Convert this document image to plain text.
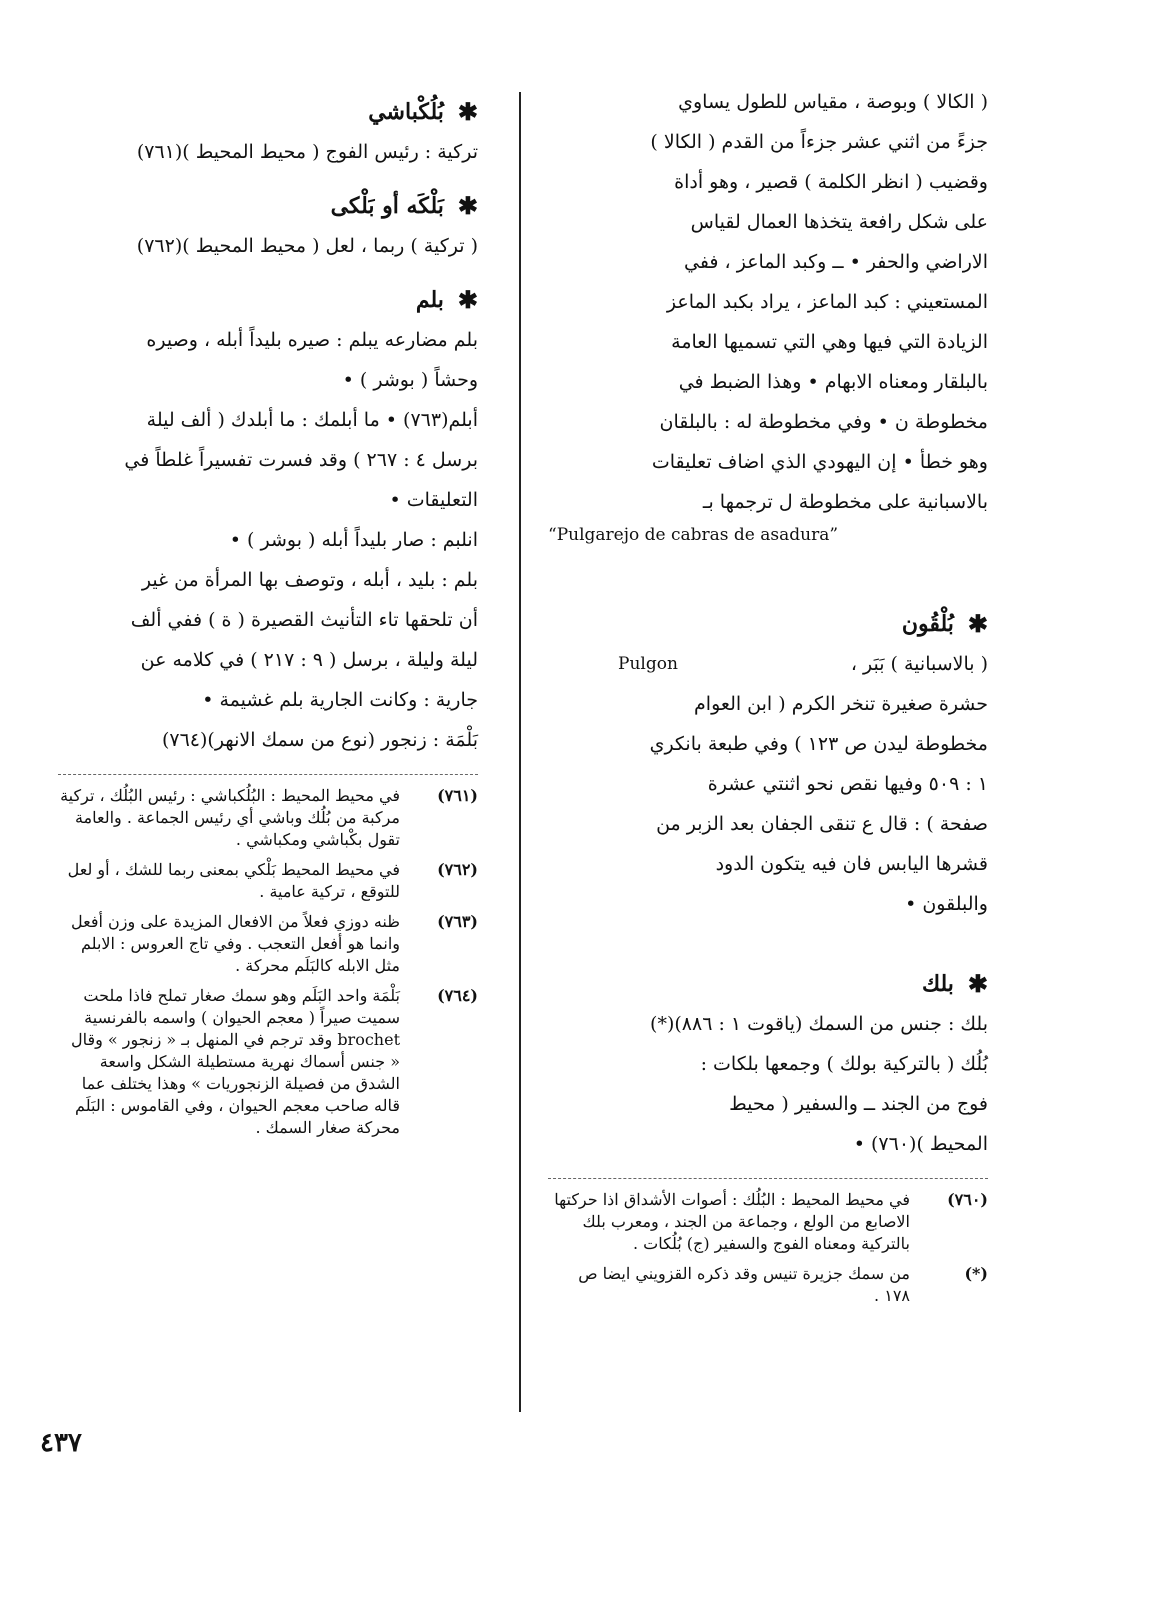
( الكالا ) وبوصة ، مقياس للطول يساوي

جزءً من اثني عشر جزءاً من القدم ( الكالا )

وقضيب ( انظر الكلمة ) قصير ، وهو أداة

على شكل رافعة يتخذها العمال لقياس

الاراضي والحفر • ــ وكبد الماعز ، ففي

المستعيني : كبد الماعز ، يراد بكبد الماعز

الزيادة التي فيها وهي التي تسميها العامة

بالبلقار ومعناه الابهام • وهذا الضبط في

مخطوطة ن • وفي مخطوطة له : بالبلقان

وهو خطأ • إن اليهودي الذي اضاف تعليقات

بالاسبانية على مخطوطة ل ترجمها بـ

“Pulgarejo de cabras de asadura”
✱
بُلْقُون

( بالاسبانية ) بَبَر ،
Pulgon

حشرة صغيرة تنخر الكرم ( ابن العوام

مخطوطة ليدن ص ١٢٣ ) وفي طبعة بانكري

١ : ٥٠٩ وفيها نقص نحو اثنتي عشرة

صفحة ) : قال ع تنقى الجفان بعد الزبر من

قشرها اليابس فان فيه يتكون الدود

والبلقون •

✱
بلك

بلك : جنس من السمك (ياقوت ١ : ٨٨٦)(*)

بُلُك ( بالتركية بولك ) وجمعها بلكات :

فوج من الجند ــ والسفير ( محيط

المحيط )(٧٦٠) •

(٧٦٠)
في محيط المحيط : البُلُك : أصوات الأشداق اذا حركتها الاصابع من الولع ، وجماعة من الجند ، ومعرب بلك بالتركية ومعناه الفوج والسفير (ج) بُلُكات .
(*)
من سمك جزيرة تنيس وقد ذكره القزويني ايضا ص ١٧٨ .
✱
بُلُكْباشي
تركية : رئيس الفوج ( محيط المحيط )(٧٦١)
✱
بَلْكَه أو بَلْكى
( تركية ) ربما ، لعل ( محيط المحيط )(٧٦٢)
✱
بلم

بلم مضارعه يبلم : صيره بليداً أبله ، وصيره

وحشاً ( بوشر ) •

أبلم(٧٦٣) • ما أبلمك : ما أبلدك ( ألف ليلة

برسل ٤ : ٢٦٧ ) وقد فسرت تفسيراً غلطاً في

التعليقات •

انلبم : صار بليداً أبله ( بوشر ) •

بلم : بليد ، أبله ، وتوصف بها المرأة من غير

أن تلحقها تاء التأنيث القصيرة ( ة ) ففي ألف

ليلة وليلة ، برسل ( ٩ : ٢١٧ ) في كلامه عن

جارية : وكانت الجارية بلم غشيمة •

بَلْمَة : زنجور (نوع من سمك الانهر)(٧٦٤)

(٧٦١)
في محيط المحيط : البُلُكباشي : رئيس البُلُك ، تركية مركبة من بُلُك وباشي أي رئيس الجماعة . والعامة تقول بكْباشي ومكباشي .
(٧٦٢)
في محيط المحيط بَلْكي بمعنى ربما للشك ، أو لعل للتوقع ، تركية عامية .
(٧٦٣)
ظنه دوزي فعلاً من الافعال المزيدة على وزن أفعل وانما هو أفعل التعجب . وفي تاج العروس : الابلم مثل الابله كالبَلَم محركة .
(٧٦٤)
بَلْمَة واحد البَلَم وهو سمك صغار تملح فاذا ملحت سميت صيراً ( معجم الحيوان ) واسمه بالفرنسية brochet وقد ترجم في المنهل بـ « زنجور » وقال « جنس أسماك نهرية مستطيلة الشكل واسعة الشدق من فصيلة الزنجوريات » وهذا يختلف عما قاله صاحب معجم الحيوان ، وفي القاموس : البَلَم محركة صغار السمك .
٤٣٧
